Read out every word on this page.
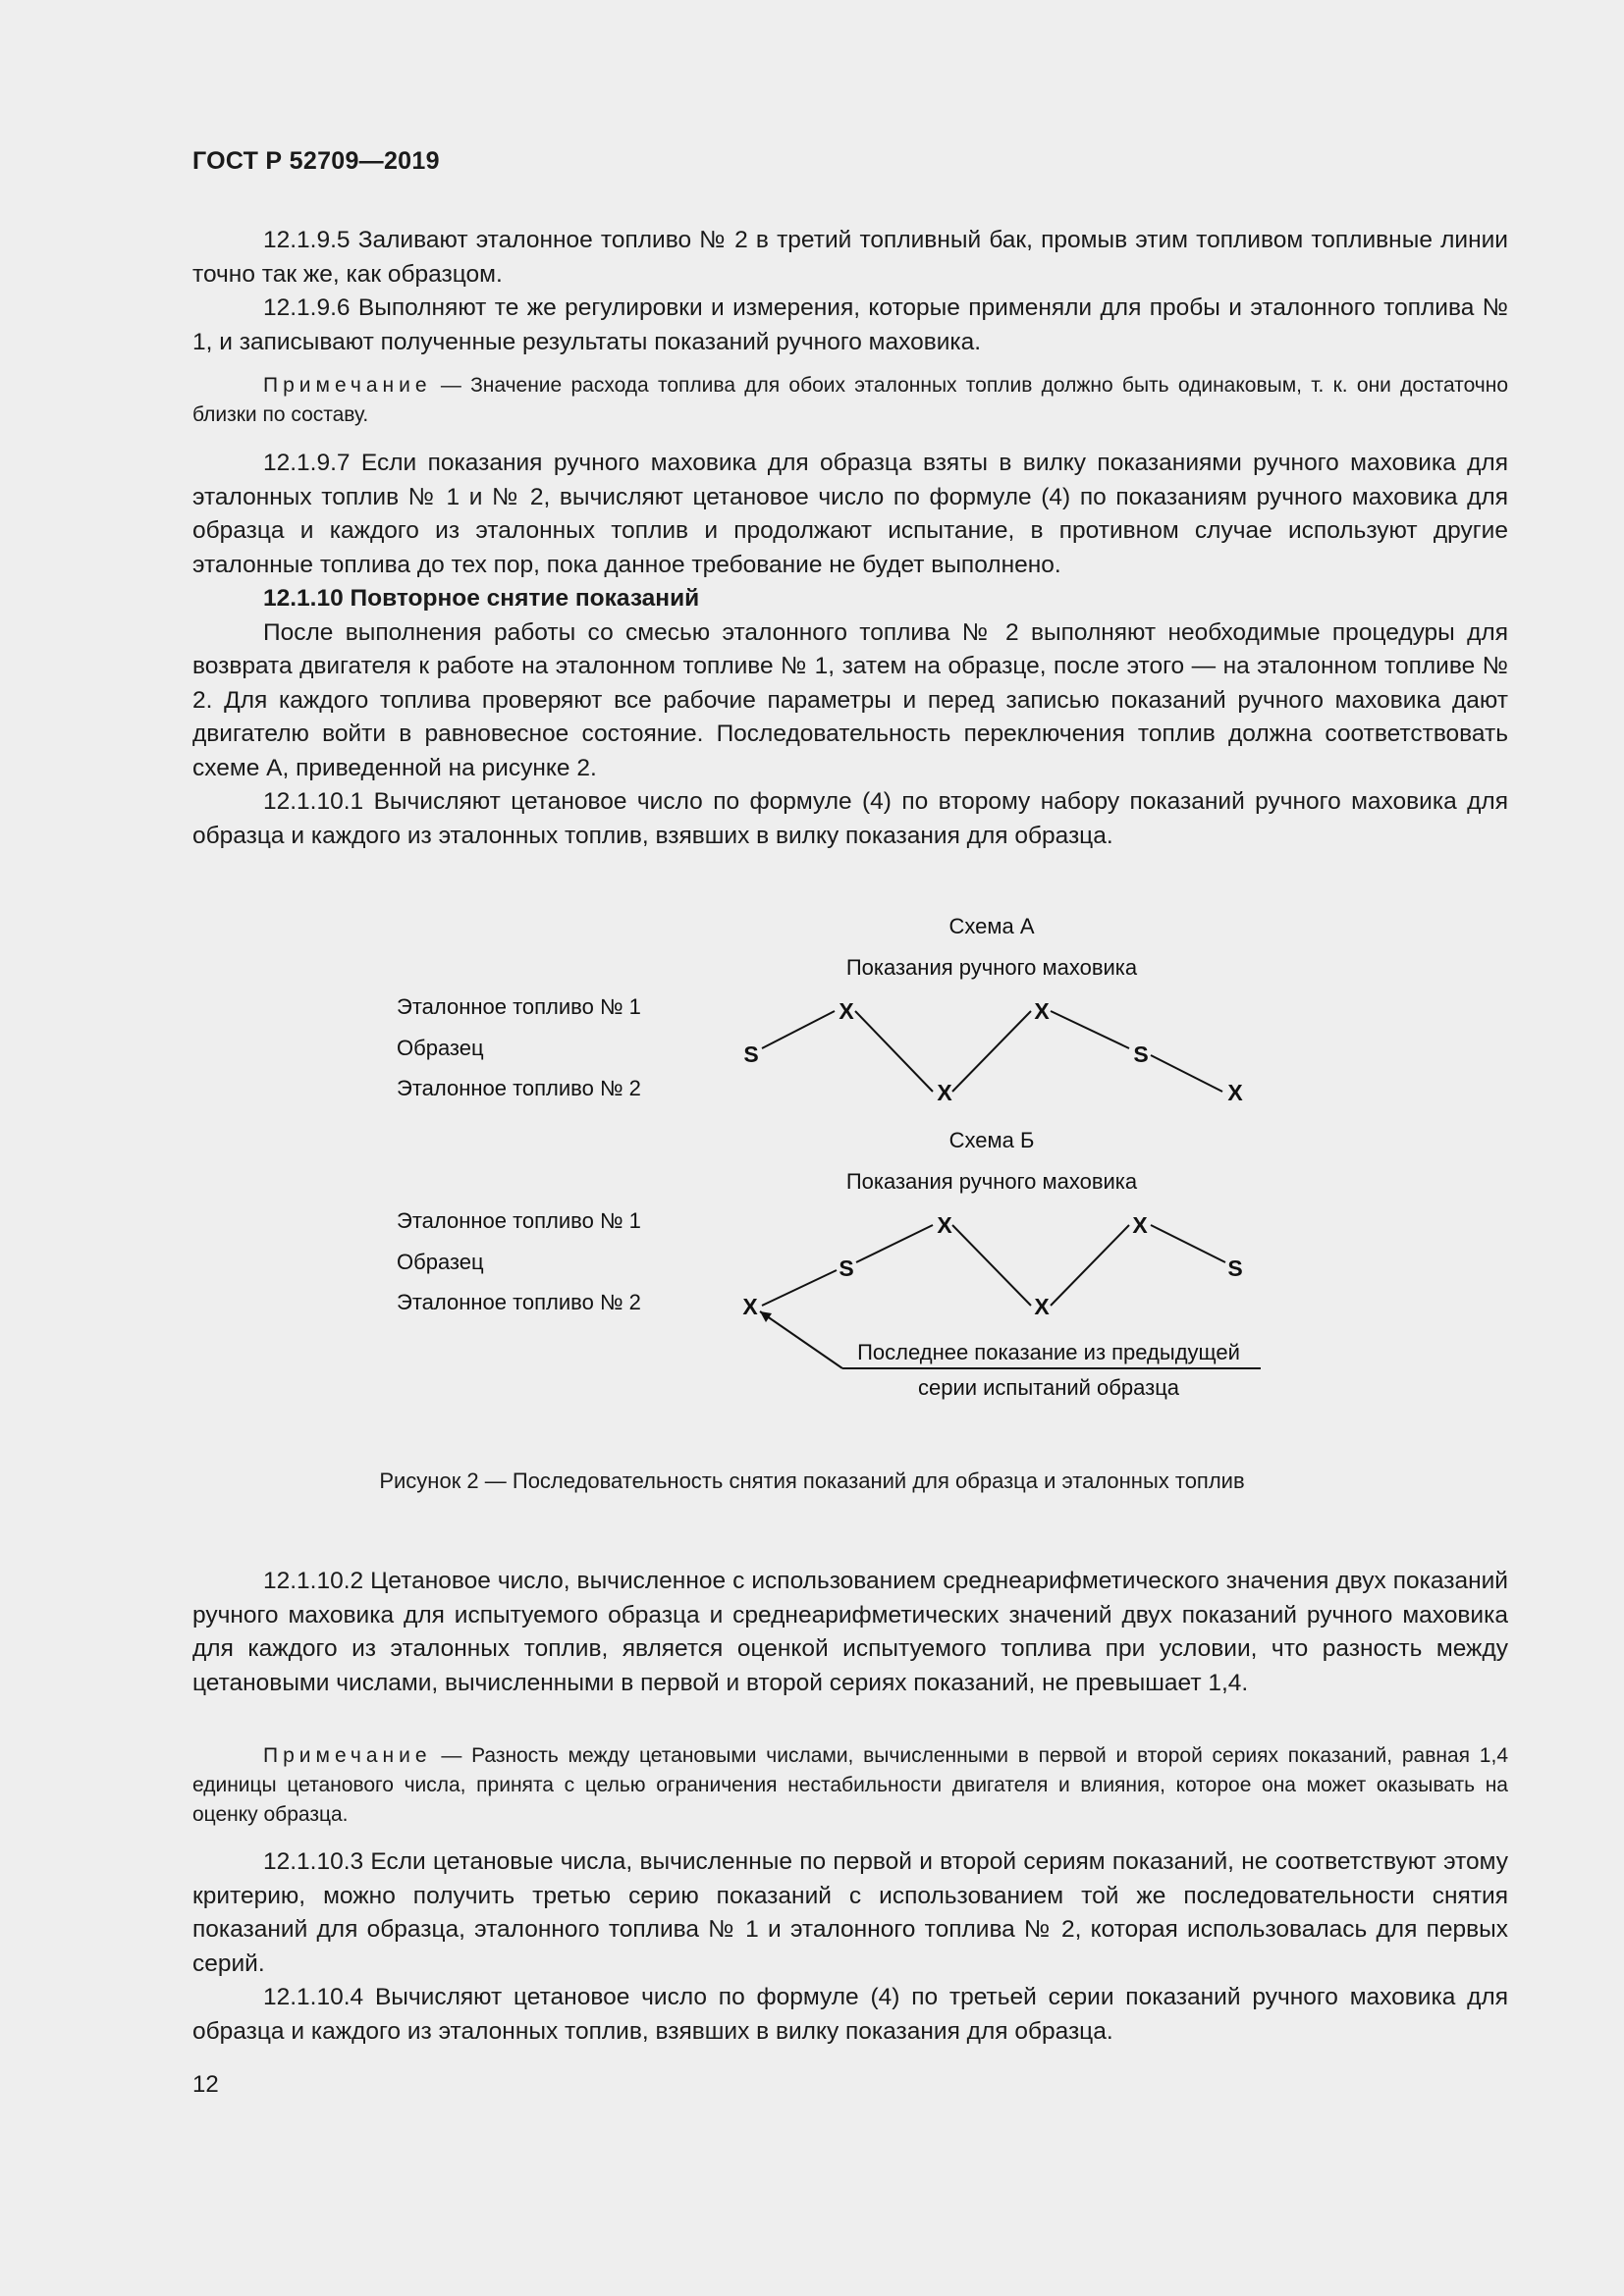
ГОСТ Р 52709—2019

12.1.9.5 Заливают эталонное топливо № 2 в третий топливный бак, промыв этим топливом топливные линии точно так же, как образцом.

12.1.9.6 Выполняют те же регулировки и измерения, которые применяли для пробы и эталонного топлива № 1, и записывают полученные результаты показаний ручного маховика.

Примечание — Значение расхода топлива для обоих эталонных топлив должно быть одинаковым, т. к. они достаточно близки по составу.

12.1.9.7 Если показания ручного маховика для образца взяты в вилку показаниями ручного маховика для эталонных топлив № 1 и № 2, вычисляют цетановое число по формуле (4) по показаниям ручного маховика для образца и каждого из эталонных топлив и продолжают испытание, в противном случае используют другие эталонные топлива до тех пор, пока данное требование не будет выполнено.

12.1.10 Повторное снятие показаний

После выполнения работы со смесью эталонного топлива № 2 выполняют необходимые процедуры для возврата двигателя к работе на эталонном топливе № 1, затем на образце, после этого — на эталонном топливе № 2. Для каждого топлива проверяют все рабочие параметры и перед записью показаний ручного маховика дают двигателю войти в равновесное состояние. Последовательность переключения топлив должна соответствовать схеме А, приведенной на рисунке 2.

12.1.10.1 Вычисляют цетановое число по формуле (4) по второму набору показаний ручного маховика для образца и каждого из эталонных топлив, взявших в вилку показания для образца.

Схема А
Показания ручного маховика
Эталонное топливо № 1
Образец
Эталонное топливо № 2
S
X
X
X
S
X
Схема Б
Показания ручного маховика
Эталонное топливо № 1
Образец
Эталонное топливо № 2	X
S
X
X
X
S
Последнее показание из предыдущей
серии испытаний образца
Рисунок 2 — Последовательность снятия показаний для образца и эталонных топлив

12.1.10.2 Цетановое число, вычисленное с использованием среднеарифметического значения двух показаний ручного маховика для испытуемого образца и среднеарифметических значений двух показаний ручного маховика для каждого из эталонных топлив, является оценкой испытуемого топлива при условии, что разность между цетановыми числами, вычисленными в первой и второй сериях показаний, не превышает 1,4.

Примечание — Разность между цетановыми числами, вычисленными в первой и второй сериях показаний, равная 1,4 единицы цетанового числа, принята с целью ограничения нестабильности двигателя и влияния, которое она может оказывать на оценку образца.

12.1.10.3 Если цетановые числа, вычисленные по первой и второй сериям показаний, не соответствуют этому критерию, можно получить третью серию показаний с использованием той же последовательности снятия показаний для образца, эталонного топлива № 1 и эталонного топлива № 2, которая использовалась для первых серий.

12.1.10.4 Вычисляют цетановое число по формуле (4) по третьей серии показаний ручного маховика для образца и каждого из эталонных топлив, взявших в вилку показания для образца.

12
